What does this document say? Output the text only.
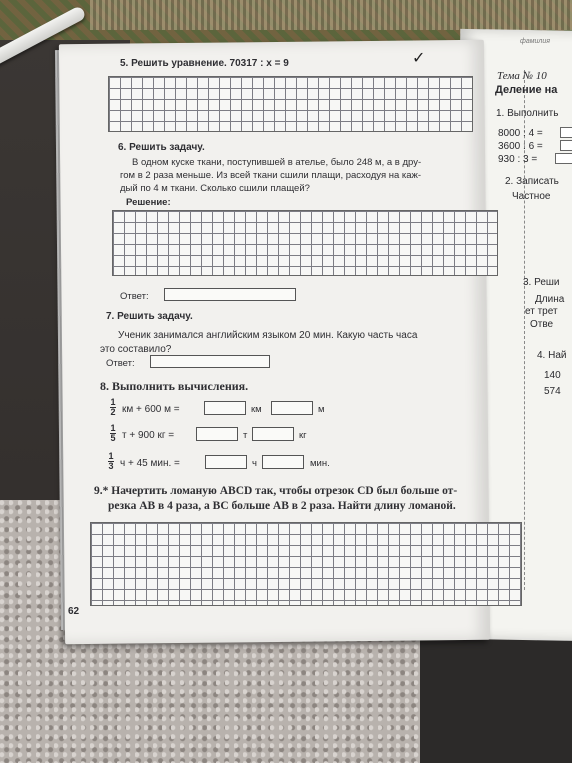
фамилия
Тема № 10
Деление на
1. Выполнить
8000 : 4 =
3600 : 6 =
930 : 3 =
2. Записать
Частное
3. Реши
Длина
ет трет
Отве
4. Най
140
574
✓
5. Решить уравнение. 70317 : x = 9
6. Решить задачу.
В одном куске ткани, поступившей в ателье, было 248 м, а в дру-
гом в 2 раза меньше. Из всей ткани сшили плащи, расходуя на каж-
дый по 4 м ткани. Сколько сшили плащей?
Решение:
Ответ:
7. Решить задачу.
Ученик занимался английским языком 20 мин. Какую часть часа
это составило?
Ответ:
8. Выполнить вычисления.
1
2 км + 600 м =	км	м
1
5 т + 900 кг =	т	кг
1
3 ч + 45 мин. =	ч	мин.
9.* Начертить ломаную ABCD так, чтобы отрезок CD был больше от-
резка AB в 4 раза, а BC больше AB в 2 раза. Найти длину ломаной.
62
